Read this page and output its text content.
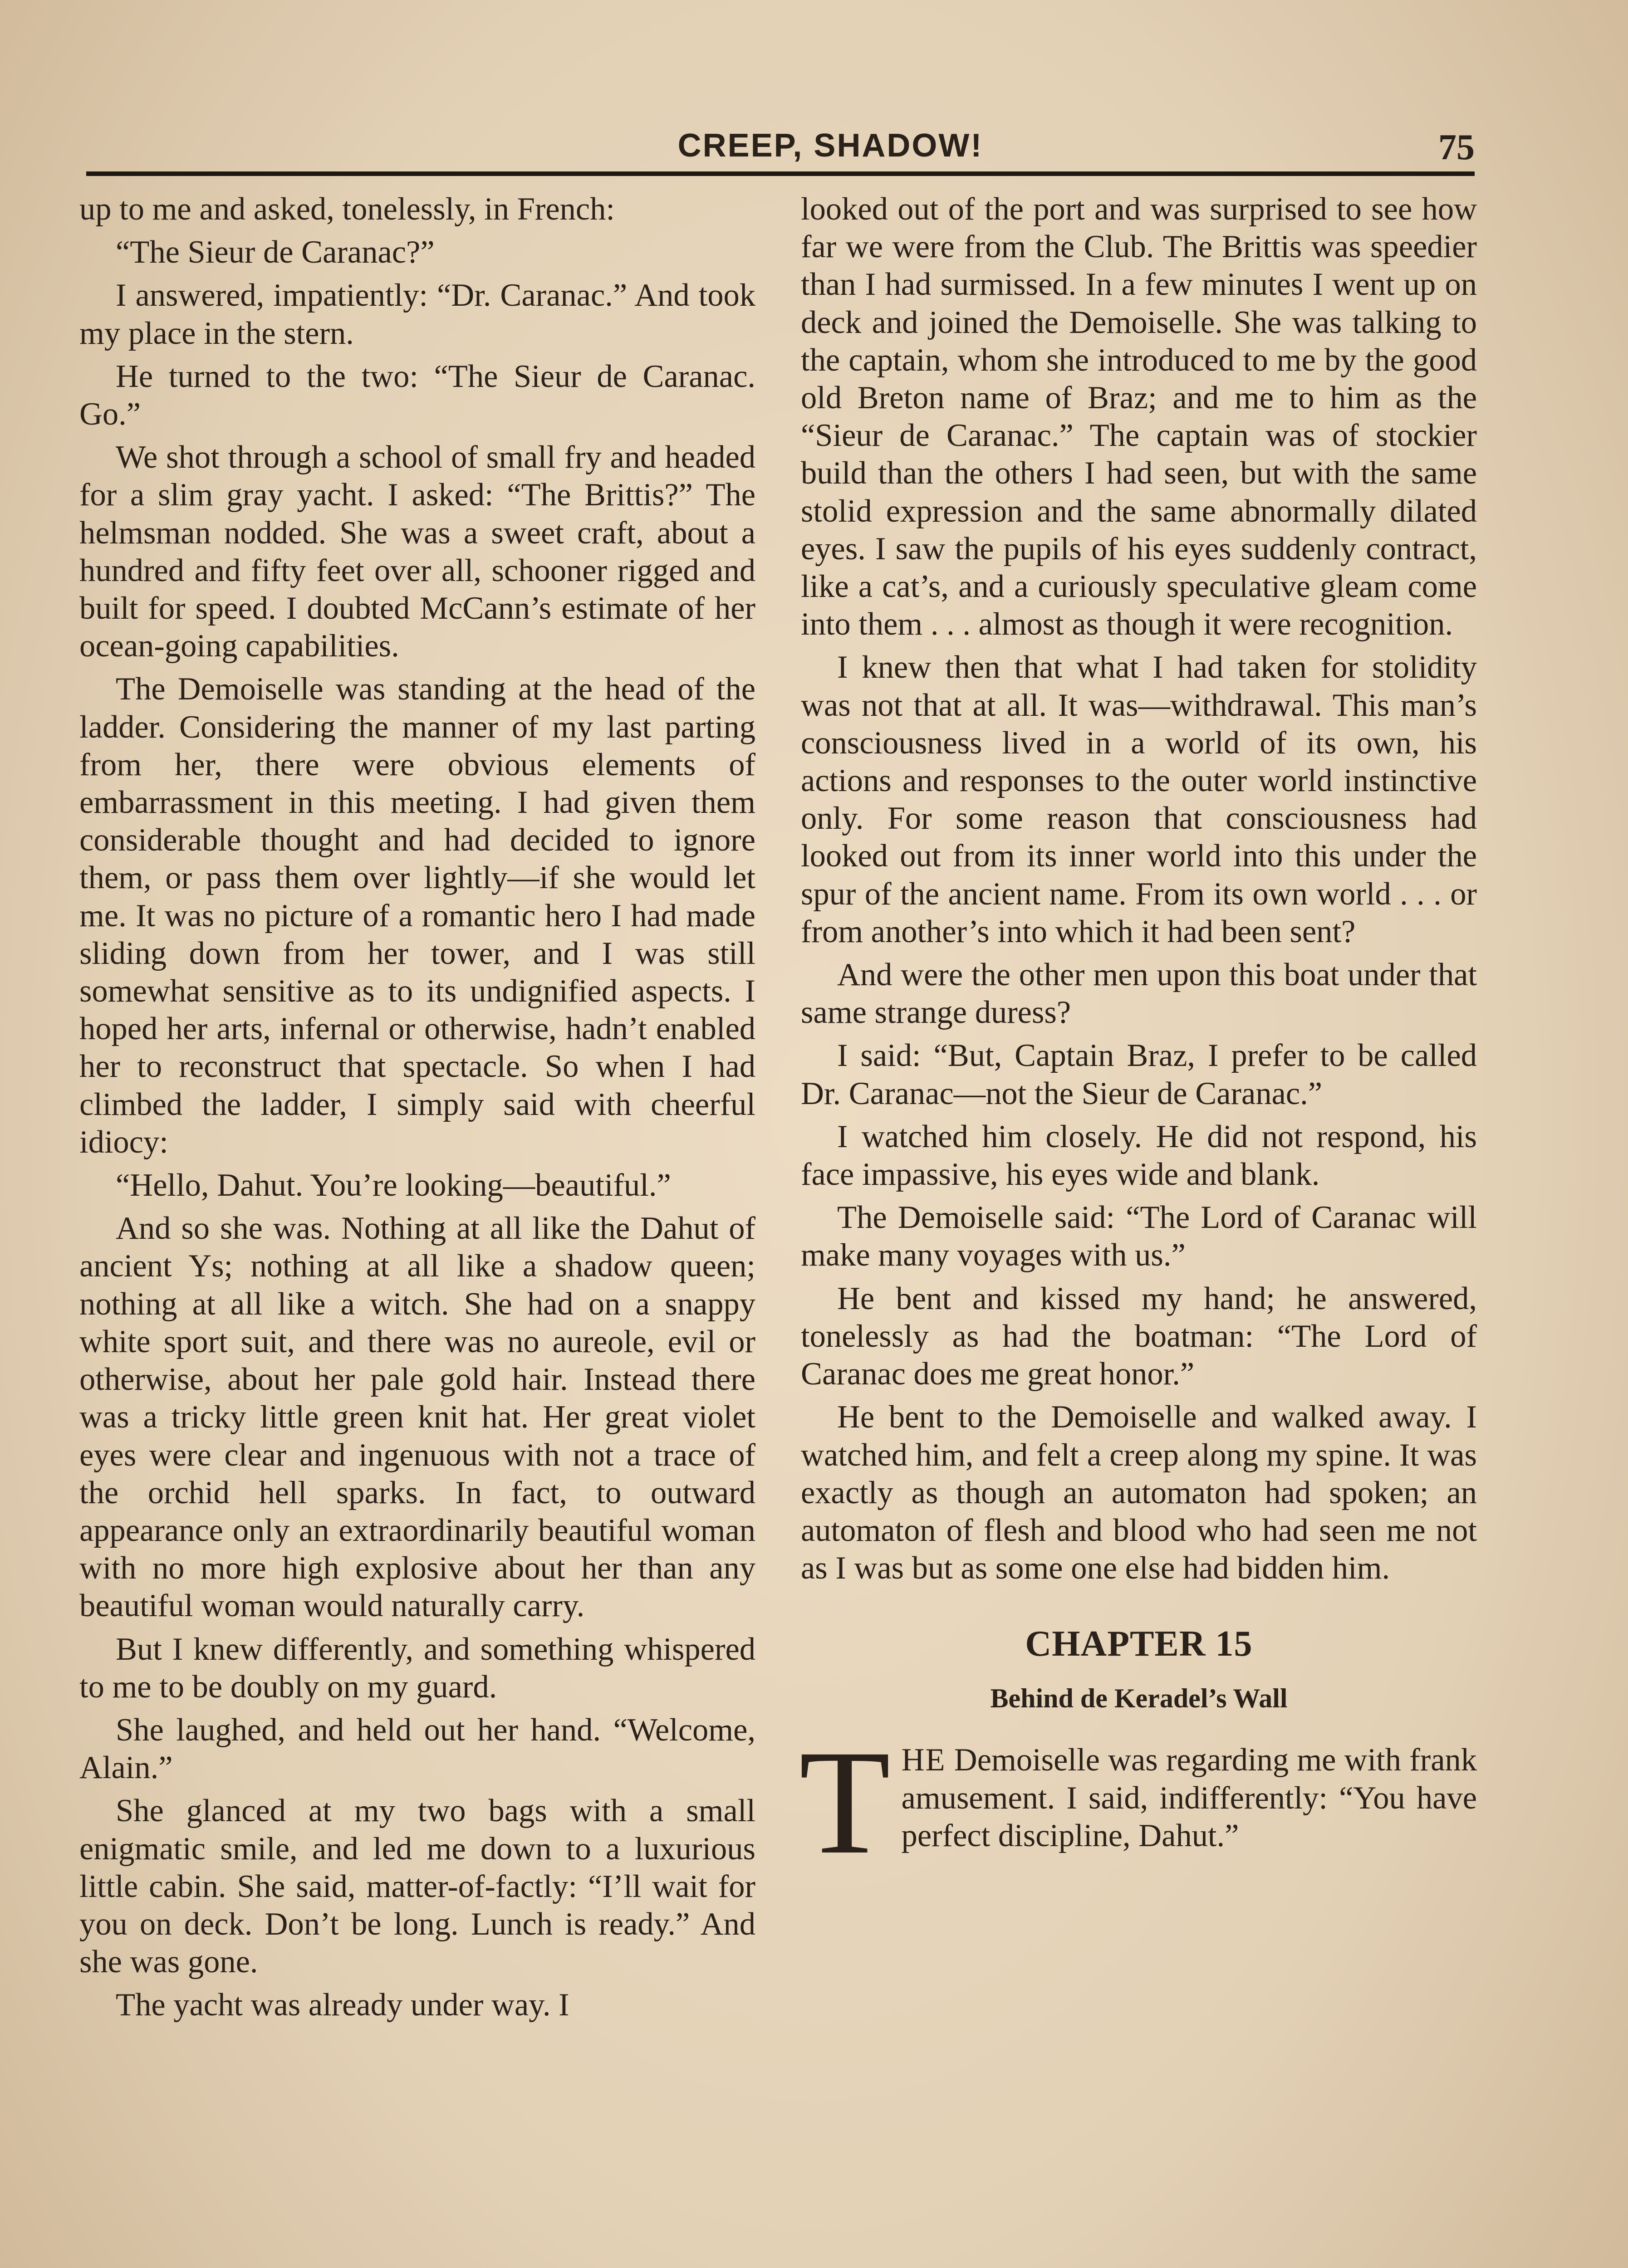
CREEP, SHADOW!	75

up to me and asked, tonelessly, in French:

“The Sieur de Caranac?”

I answered, impatiently: “Dr. Caranac.” And took my place in the stern.

He turned to the two: “The Sieur de Caranac. Go.”

We shot through a school of small fry and headed for a slim gray yacht. I asked: “The Brittis?” The helmsman nodded. She was a sweet craft, about a hundred and fifty feet over all, schooner rigged and built for speed. I doubted McCann’s estimate of her ocean-going capabilities.

The Demoiselle was standing at the head of the ladder. Considering the manner of my last parting from her, there were obvious elements of embarrassment in this meeting. I had given them considerable thought and had decided to ignore them, or pass them over lightly—if she would let me. It was no picture of a romantic hero I had made sliding down from her tower, and I was still somewhat sensitive as to its undignified aspects. I hoped her arts, infernal or otherwise, hadn’t enabled her to reconstruct that spectacle. So when I had climbed the ladder, I simply said with cheerful idiocy:

“Hello, Dahut. You’re looking—beautiful.”

And so she was. Nothing at all like the Dahut of ancient Ys; nothing at all like a shadow queen; nothing at all like a witch. She had on a snappy white sport suit, and there was no aureole, evil or otherwise, about her pale gold hair. Instead there was a tricky little green knit hat. Her great violet eyes were clear and ingenuous with not a trace of the orchid hell sparks. In fact, to outward appearance only an extraordinarily beautiful woman with no more high explosive about her than any beautiful woman would naturally carry.

But I knew differently, and something whispered to me to be doubly on my guard.

She laughed, and held out her hand. “Welcome, Alain.”

She glanced at my two bags with a small enigmatic smile, and led me down to a luxurious little cabin. She said, matter-of-factly: “I’ll wait for you on deck. Don’t be long. Lunch is ready.” And she was gone.

The yacht was already under way. I

looked out of the port and was surprised to see how far we were from the Club. The Brittis was speedier than I had surmissed. In a few minutes I went up on deck and joined the Demoiselle. She was talking to the captain, whom she introduced to me by the good old Breton name of Braz; and me to him as the “Sieur de Caranac.” The captain was of stockier build than the others I had seen, but with the same stolid expression and the same abnormally dilated eyes. I saw the pupils of his eyes suddenly contract, like a cat’s, and a curiously speculative gleam come into them . . . almost as though it were recognition.

I knew then that what I had taken for stolidity was not that at all. It was—withdrawal. This man’s consciousness lived in a world of its own, his actions and responses to the outer world instinctive only. For some reason that consciousness had looked out from its inner world into this under the spur of the ancient name. From its own world . . . or from another’s into which it had been sent?

And were the other men upon this boat under that same strange duress?

I said: “But, Captain Braz, I prefer to be called Dr. Caranac—not the Sieur de Caranac.”

I watched him closely. He did not respond, his face impassive, his eyes wide and blank.

The Demoiselle said: “The Lord of Caranac will make many voyages with us.”

He bent and kissed my hand; he answered, tonelessly as had the boatman: “The Lord of Caranac does me great honor.”

He bent to the Demoiselle and walked away. I watched him, and felt a creep along my spine. It was exactly as though an automaton had spoken; an automaton of flesh and blood who had seen me not as I was but as some one else had bidden him.

CHAPTER 15
Behind de Keradel’s Wall

THE Demoiselle was regarding me with frank amusement. I said, indifferently: “You have perfect discipline, Dahut.”
